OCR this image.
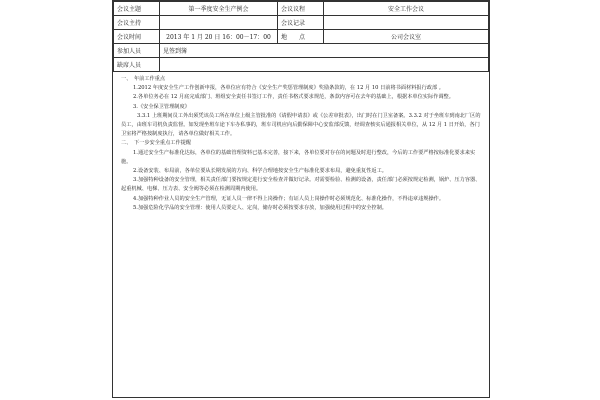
会议主题	第一季度安全生产例会	会议议程	安全工作会议
会议主持		会议记录	
会议时间	2013 年 1 月 20 日 16：00－17：00	地　　点	公司会议室
参加人员	见签到簿		
缺席人员			

一、　年前工作重点

1.2012 年度安全生产工作创新申报，各单位应有符合《安全生产奖惩管理制度》奖励条款的，在 12 月 10 日前将书面材料报行政部 。

2.各单位务必在 12 月底完成部门、班组安全责任书签订工作，责任书格式要求规范，条款内容可在去年的基础上，根据本单位实际作调整。

3.《安全保卫管理制度》

3.3.1 上班期间员工外出须凭该员工所在单位上级主管批准的《请假申请表》或《公差审批表》，出门时在门卫室备案。3.3.2 对于坐班车到南北厂区的员工，由班车司机负责监督。如发现坐班车途下车办私事的，班车司机应向后勤保障中心安监部反馈，经调查核实后通报相关单位，从 12 月 1 日开始，各门卫室将严格按制度执行，请各单位做好相关工作。

二、　下一步安全重点工作提醒

1.通过安全生产标准化达标，各单位的基础管理资料已基本完善，接下来，各单位要对存在的问题及时进行整改，今后的工作要严格按标准化要求来实施。

2.设备安装、布局前，各单位要从长期发展的方向、科学合理地按安全生产标准化要求布局，避免重复性返工。

3.加强特种设备的安全管理，相关责任部门要按规定进行安全检查并做好记录。对需要检验、检测的设备，责任部门必须按规定检测，锅炉、压力容器、起重机械、电梯、压力表、安全阀等必须在检测周期内使用。

4.加强特种作业人员的安全生产管理，无证人员一律不得上岗操作；有证人员上岗操作时必须规范化、标准化操作，不得违章违规操作。

5.加强危险化学品的安全管理：使用人员要定人、定岗，储存时必须按要求存放，加强使用过程中的安全控制。
